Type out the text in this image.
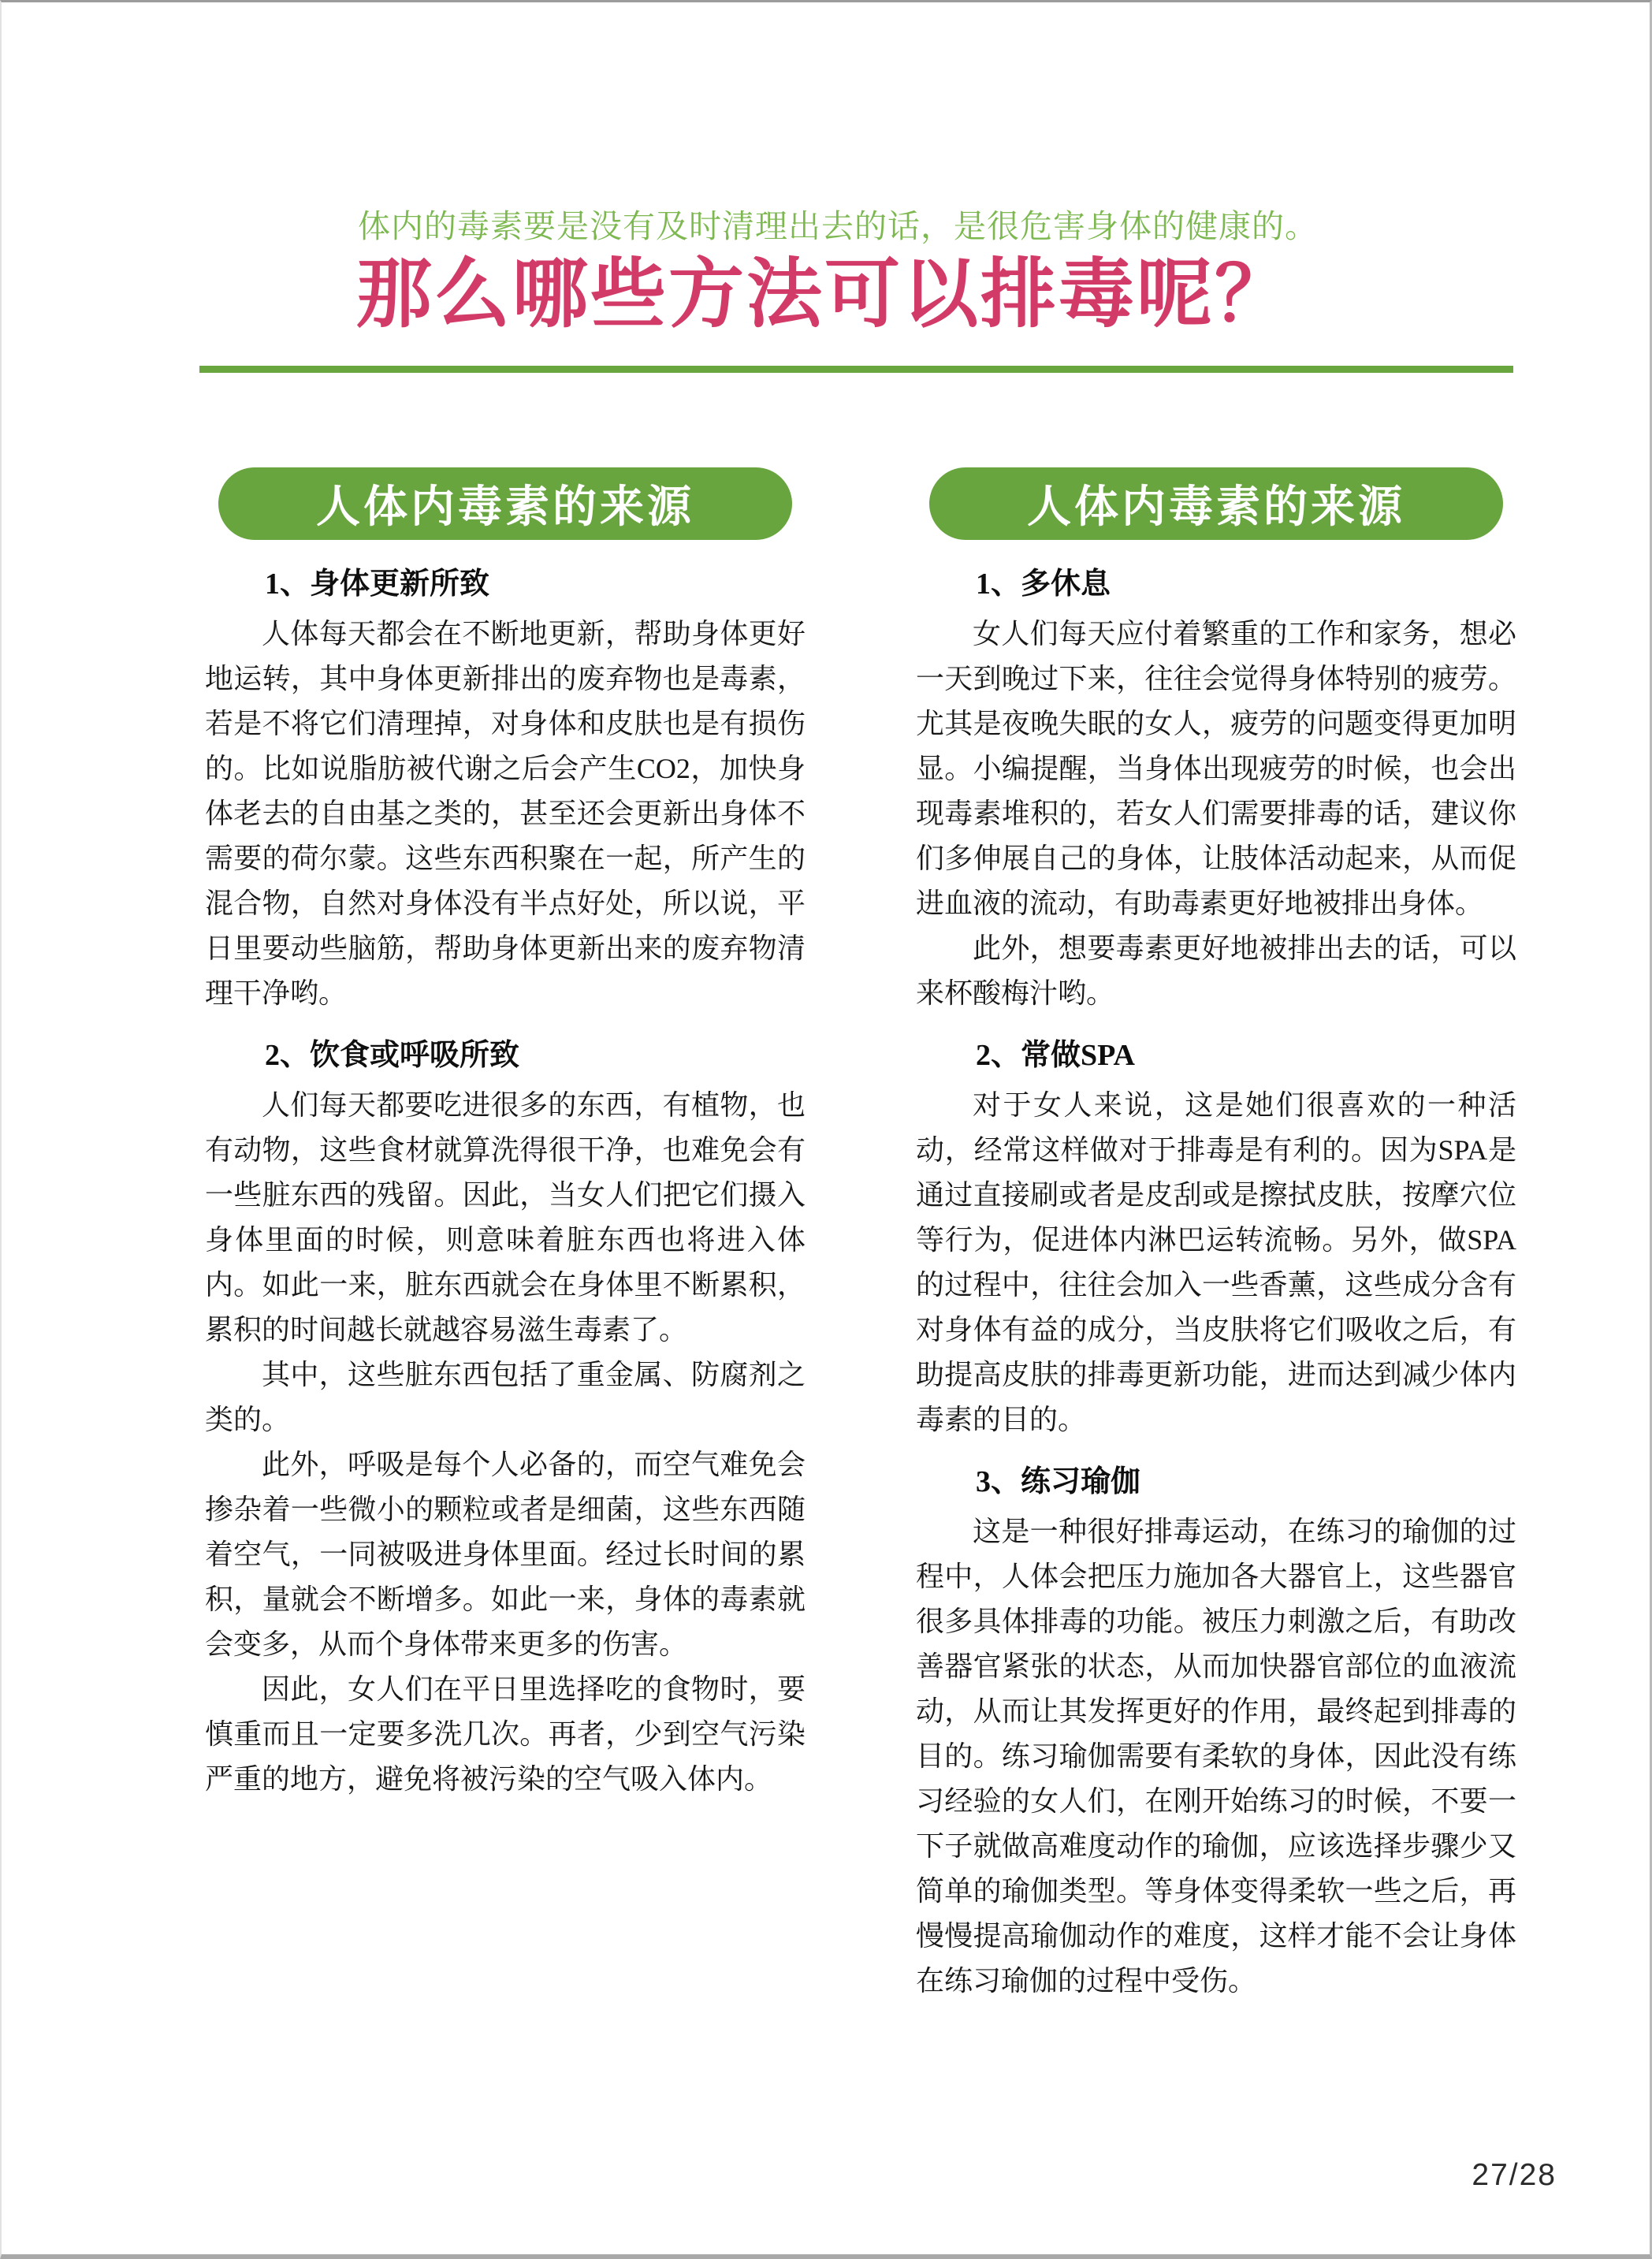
体内的毒素要是没有及时清理出去的话，是很危害身体的健康的。
那么哪些方法可以排毒呢？
人体内毒素的来源
1、身体更新所致

人体每天都会在不断地更新，帮助身体更好地运转，其中身体更新排出的废弃物也是毒素，若是不将它们清理掉，对身体和皮肤也是有损伤的。比如说脂肪被代谢之后会产生CO2，加快身体老去的自由基之类的，甚至还会更新出身体不需要的荷尔蒙。这些东西积聚在一起，所产生的混合物，自然对身体没有半点好处，所以说，平日里要动些脑筋，帮助身体更新出来的废弃物清理干净哟。

2、饮食或呼吸所致

人们每天都要吃进很多的东西，有植物，也有动物，这些食材就算洗得很干净，也难免会有一些脏东西的残留。因此，当女人们把它们摄入身体里面的时候，则意味着脏东西也将进入体内。如此一来，脏东西就会在身体里不断累积，累积的时间越长就越容易滋生毒素了。

其中，这些脏东西包括了重金属、防腐剂之类的。

此外，呼吸是每个人必备的，而空气难免会掺杂着一些微小的颗粒或者是细菌，这些东西随着空气，一同被吸进身体里面。经过长时间的累积，量就会不断增多。如此一来，身体的毒素就会变多，从而个身体带来更多的伤害。

因此，女人们在平日里选择吃的食物时，要慎重而且一定要多洗几次。再者，少到空气污染严重的地方，避免将被污染的空气吸入体内。

人体内毒素的来源
1、多休息

女人们每天应付着繁重的工作和家务，想必一天到晚过下来，往往会觉得身体特别的疲劳。尤其是夜晚失眠的女人，疲劳的问题变得更加明显。小编提醒，当身体出现疲劳的时候，也会出现毒素堆积的，若女人们需要排毒的话，建议你们多伸展自己的身体，让肢体活动起来，从而促进血液的流动，有助毒素更好地被排出身体。

此外，想要毒素更好地被排出去的话，可以来杯酸梅汁哟。

2、常做SPA

对于女人来说，这是她们很喜欢的一种活动，经常这样做对于排毒是有利的。因为SPA是通过直接刷或者是皮刮或是擦拭皮肤，按摩穴位等行为，促进体内淋巴运转流畅。另外，做SPA的过程中，往往会加入一些香薰，这些成分含有对身体有益的成分，当皮肤将它们吸收之后，有助提高皮肤的排毒更新功能，进而达到减少体内毒素的目的。

3、练习瑜伽

这是一种很好排毒运动，在练习的瑜伽的过程中，人体会把压力施加各大器官上，这些器官很多具体排毒的功能。被压力刺激之后，有助改善器官紧张的状态，从而加快器官部位的血液流动，从而让其发挥更好的作用，最终起到排毒的目的。练习瑜伽需要有柔软的身体，因此没有练习经验的女人们，在刚开始练习的时候，不要一下子就做高难度动作的瑜伽，应该选择步骤少又简单的瑜伽类型。等身体变得柔软一些之后，再慢慢提高瑜伽动作的难度，这样才能不会让身体在练习瑜伽的过程中受伤。

27/28
